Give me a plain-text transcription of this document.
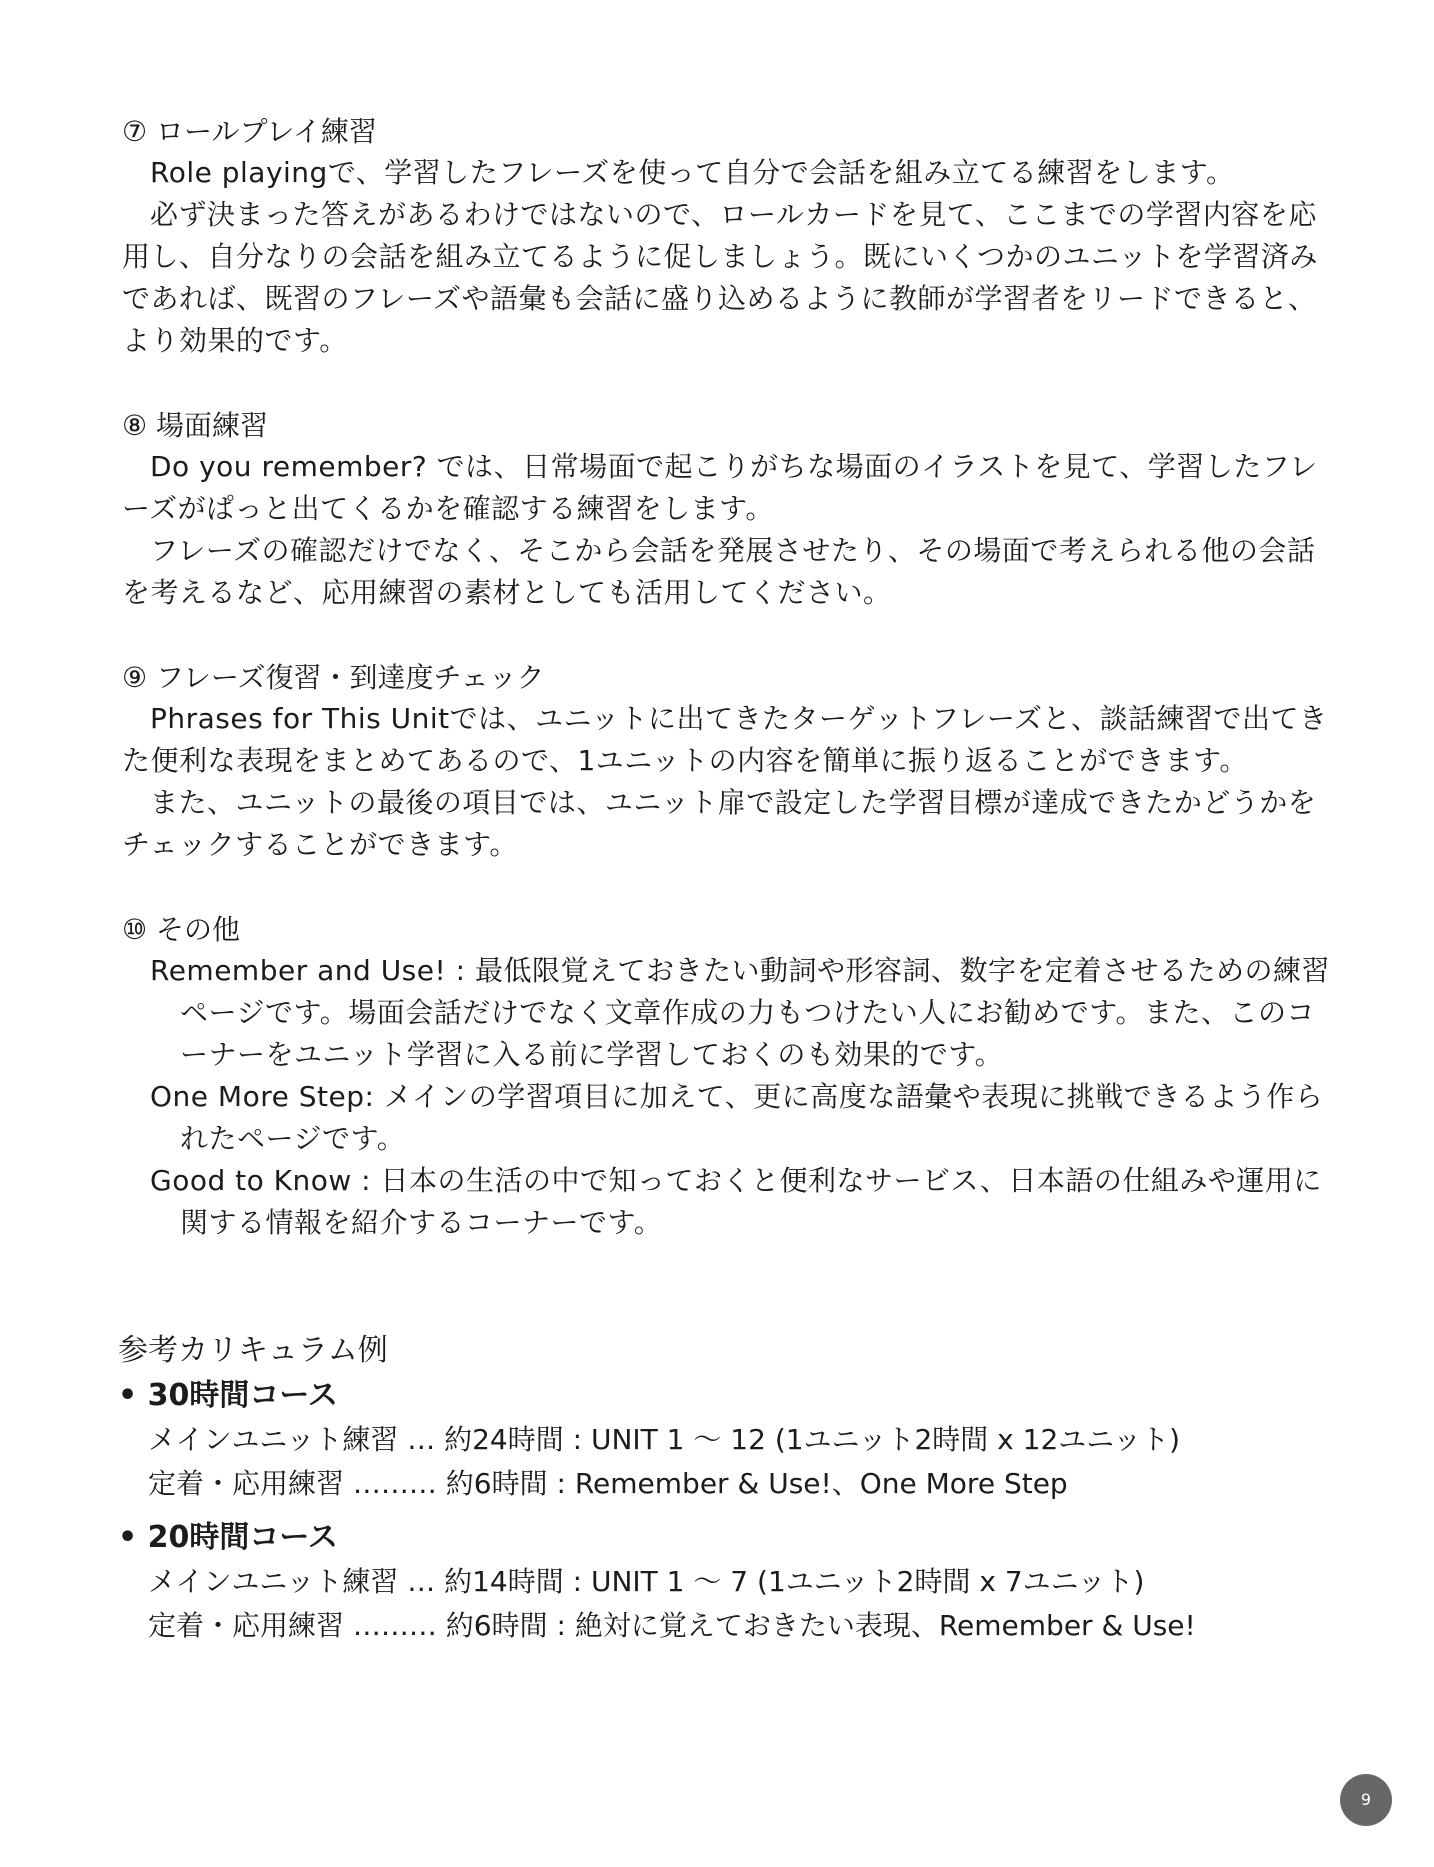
⑦ ロールプレイ練習

Role playingで、学習したフレーズを使って自分で会話を組み立てる練習をします。

必ず決まった答えがあるわけではないので、ロールカードを見て、ここまでの学習内容を応用し、自分なりの会話を組み立てるように促しましょう。既にいくつかのユニットを学習済みであれば、既習のフレーズや語彙も会話に盛り込めるように教師が学習者をリードできると、より効果的です。

⑧ 場面練習

Do you remember? では、日常場面で起こりがちな場面のイラストを見て、学習したフレーズがぱっと出てくるかを確認する練習をします。

フレーズの確認だけでなく、そこから会話を発展させたり、その場面で考えられる他の会話を考えるなど、応用練習の素材としても活用してください。

⑨ フレーズ復習・到達度チェック

Phrases for This Unitでは、ユニットに出てきたターゲットフレーズと、談話練習で出てきた便利な表現をまとめてあるので、1ユニットの内容を簡単に振り返ることができます。

また、ユニットの最後の項目では、ユニット扉で設定した学習目標が達成できたかどうかをチェックすることができます。

⑩ その他

Remember and Use! : 最低限覚えておきたい動詞や形容詞、数字を定着させるための練習ページです。場面会話だけでなく文章作成の力もつけたい人にお勧めです。また、このコーナーをユニット学習に入る前に学習しておくのも効果的です。

One More Step: メインの学習項目に加えて、更に高度な語彙や表現に挑戦できるよう作られたページです。

Good to Know : 日本の生活の中で知っておくと便利なサービス、日本語の仕組みや運用に関する情報を紹介するコーナーです。

参考カリキュラム例
• 30時間コース
メインユニット練習 … 約24時間 : UNIT 1 〜 12 (1ユニット2時間 x 12ユニット)
定着・応用練習 ……… 約6時間 : Remember & Use!、One More Step
• 20時間コース
メインユニット練習 … 約14時間 : UNIT 1 〜 7 (1ユニット2時間 x 7ユニット)
定着・応用練習 ……… 約6時間 : 絶対に覚えておきたい表現、Remember & Use!
9
